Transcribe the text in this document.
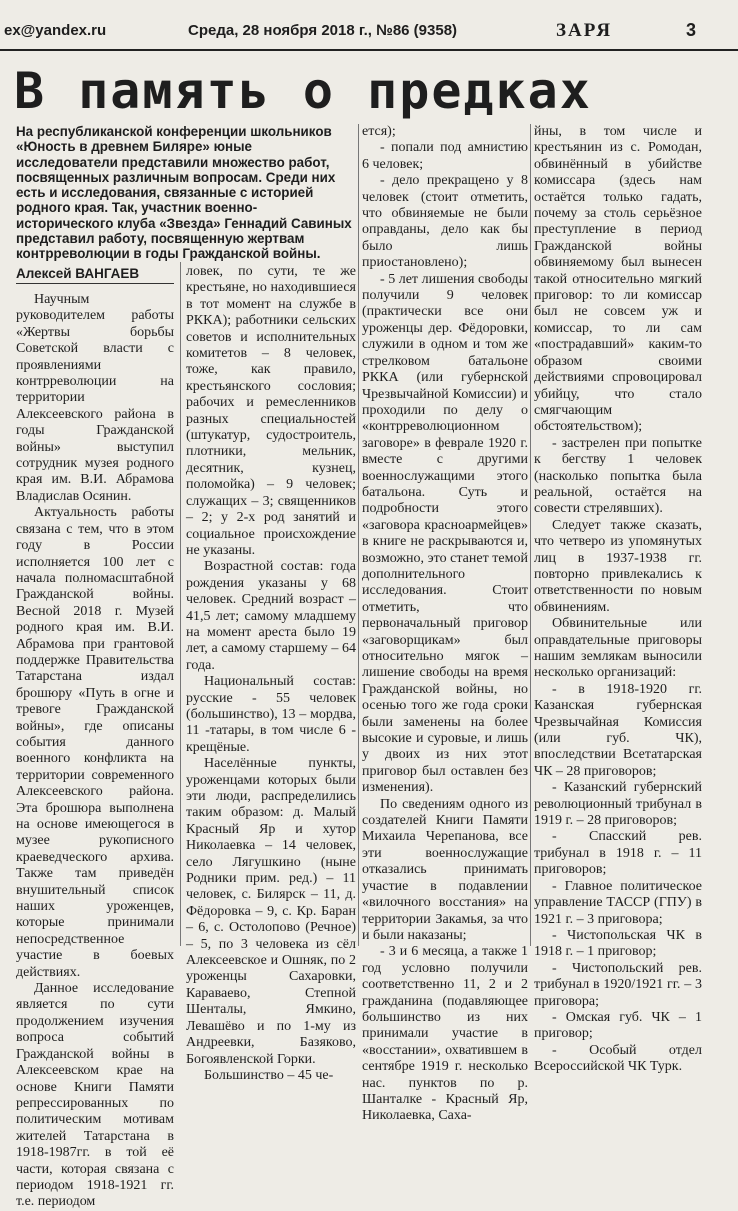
ex@yandex.ru	Среда, 28 ноября 2018 г., №86 (9358)	ЗАРЯ	3
В память о предках
На республиканской конференции школьников «Юность в древнем Биляре» юные исследователи представили множество работ, посвященных различным вопросам. Среди них есть и исследования, связанные с историей родного края. Так, участник военно-исторического клуба «Звезда» Геннадий Савиных представил работу, посвященную жертвам контрреволюции в годы Гражданской войны.
Алексей ВАНГАЕВ

Научным руководителем работы «Жертвы борьбы Советской власти с проявлениями контрреволюции на территории Алексеевского района в годы Гражданской войны» выступил сотрудник музея родного края им. В.И. Абрамова Владислав Осянин.

Актуальность работы связана с тем, что в этом году в России исполняется 100 лет с начала полномасштабной Гражданской войны. Весной 2018 г. Музей родного края им. В.И. Абрамова при грантовой поддержке Правительства Татарстана издал брошюру «Путь в огне и тревоге Гражданской войны», где описаны события данного военного конфликта на территории современного Алексеевского района. Эта брошюра выполнена на основе имеющегося в музее рукописного краеведческого архива. Также там приведён внушительный список наших уроженцев, которые принимали непосредственное участие в боевых действиях.

Данное исследование является по сути продолжением изучения вопроса событий Гражданской войны в Алексеевском крае на основе Книги Памяти репрессированных по политическим мотивам жителей Татарстана в 1918-1987гг. в той её части, которая связана с периодом 1918-1921 гг. т.е. периодом

ловек, по сути, те же крестьяне, но находившиеся в тот момент на службе в РККА); работники сельских советов и исполнительных комитетов – 8 человек, тоже, как правило, крестьянского сословия; рабочих и ремесленников разных специальностей (штукатур, судостроитель, плотники, мельник, десятник, кузнец, поломойка) – 9 человек; служащих – 3; священников – 2; у 2-х род занятий и социальное происхождение не указаны.

Возрастной состав: года рождения указаны у 68 человек. Средний возраст – 41,5 лет; самому младшему на момент ареста было 19 лет, а самому старшему – 64 года.

Национальный состав: русские - 55 человек (большинство), 13 – мордва, 11 -татары, в том числе 6 - крещёные.

Населённые пункты, уроженцами которых были эти люди, распределились таким образом: д. Малый Красный Яр и хутор Николаевка – 14 человек, село Лягушкино (ныне Родники прим. ред.) – 11 человек, с. Билярск – 11, д. Фёдоровка – 9, с. Кр. Баран – 6, с. Остолопово (Речное) – 5, по 3 человека из сёл Алексеевское и Ошняк, по 2 уроженцы Сахаровки, Караваево, Степной Шенталы, Ямкино, Левашёво и по 1-му из Андреевки, Базяково, Богоявленской Горки.

Большинство – 45 че-

ется);

- попали под амнистию 6 человек;

- дело прекращено у 8 человек (стоит отметить, что обвиняемые не были оправданы, дело как бы было лишь приостановлено);

- 5 лет лишения свободы получили 9 человек (практически все они уроженцы дер. Фёдоровки, служили в одном и том же стрелковом батальоне РККА (или губернской Чрезвычайной Комиссии) и проходили по делу о «контрреволюционном заговоре» в феврале 1920 г. вместе с другими военнослужащими этого батальона. Суть и подробности этого «заговора красноармейцев» в книге не раскрываются и, возможно, это станет темой дополнительного исследования. Стоит отметить, что первоначальный приговор «заговорщикам» был относительно мягок – лишение свободы на время Гражданской войны, но осенью того же года сроки были заменены на более высокие и суровые, и лишь у двоих из них этот приговор был оставлен без изменения).

По сведениям одного из создателей Книги Памяти Михаила Черепанова, все эти военнослужащие отказались принимать участие в подавлении «вилочного восстания» на территории Закамья, за что и были наказаны;

- 3 и 6 месяца, а также 1 год условно получили соответственно 11, 2 и 2 гражданина (подавляющее большинство из них принимали участие в «восстании», охватившем в сентябре 1919 г. несколько нас. пунктов по р. Шанталке - Красный Яр, Николаевка, Саха-

йны, в том числе и крестьянин из с. Ромодан, обвинённый в убийстве комиссара (здесь нам остаётся только гадать, почему за столь серьёзное преступление в период Гражданской войны обвиняемому был вынесен такой относительно мягкий приговор: то ли комиссар был не совсем уж и комиссар, то ли сам «пострадавший» каким-то образом своими действиями спровоцировал убийцу, что стало смягчающим обстоятельством);

- застрелен при попытке к бегству 1 человек (насколько попытка была реальной, остаётся на совести стрелявших).

Следует также сказать, что четверо из упомянутых лиц в 1937-1938 гг. повторно привлекались к ответственности по новым обвинениям.

Обвинительные или оправдательные приговоры нашим землякам выносили несколько организаций:

- в 1918-1920 гг. Казанская губернская Чрезвычайная Комиссия (или губ. ЧК), впоследствии Всетатарская ЧК – 28 приговоров;

- Казанский губернский революционный трибунал в 1919 г. – 28 приговоров;

- Спасский рев. трибунал в 1918 г. – 11 приговоров;

- Главное политическое управление ТАССР (ГПУ) в 1921 г. – 3 приговора;

- Чистопольская ЧК в 1918 г. – 1 приговор;

- Чистопольский рев. трибунал в 1920/1921 гг. – 3 приговора;

- Омская губ. ЧК – 1 приговор;

- Особый отдел Всероссийской ЧК Турк.
